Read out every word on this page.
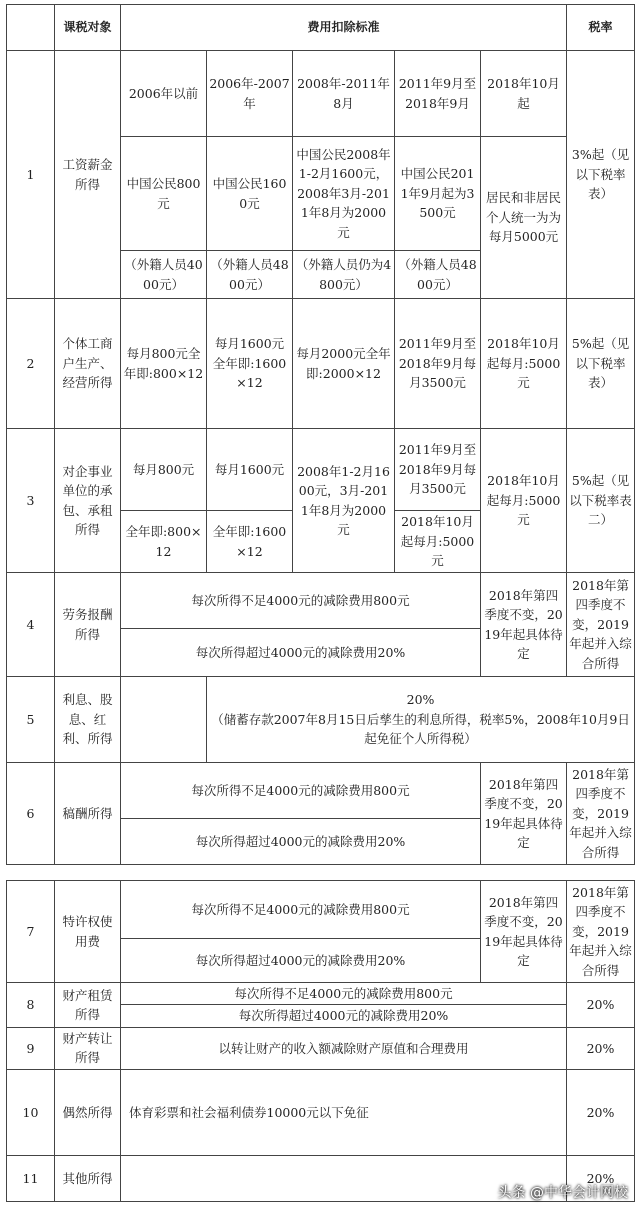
	课税对象	费用扣除标准					税率
1	工资薪金所得	2006年以前	2006年-2007年	2008年-2011年8月	2011年9月至2018年9月	2018年10月起	3%起（见以下税率表）
		中国公民800元	中国公民1600元	中国公民2008年1-2月1600元，2008年3月-2011年8月为2000元	中国公民2011年9月起为3500元	居民和非居民个人统一为为每月5000元	
		（外籍人员4000元）	（外籍人员4800元）	（外籍人员仍为4800元）	（外籍人员4800元）		
2	个体工商户生产、经营所得	每月800元全年即:800×12	每月1600元全年即:1600×12	每月2000元全年即:2000×12	2011年9月至2018年9月每月3500元	2018年10月起每月:5000元	5%起（见以下税率表）
3	对企事业单位的承包、承租所得	每月800元	每月1600元	2008年1-2月1600元，3月-2011年8月为2000元	2011年9月至2018年9月每月3500元	2018年10月起每月:5000元	5%起（见以下税率表二）
		全年即:800×12	全年即:1600×12		2018年10月起每月:5000元		
4	劳务报酬所得	每次所得不足4000元的减除费用800元				2018年第四季度不变，2019年起具体待定	2018年第四季度不变，2019年起并入综合所得
		每次所得超过4000元的减除费用20%					
5	利息、股息、红利、所得		20%
（储蓄存款2007年8月15日后孳生的利息所得，税率5%，2008年10月9日起免征个人所得税）				

6	稿酬所得	每次所得不足4000元的减除费用800元				2018年第四季度不变，2019年起具体待定	2018年第四季度不变，2019年起并入综合所得
		每次所得超过4000元的减除费用20%					
7	特许权使用费	每次所得不足4000元的减除费用800元	2018年第四季度不变，2019年起具体待定	2018年第四季度不变，2019年起并入综合所得
		每次所得超过4000元的减除费用20%		
8	财产租赁所得	每次所得不足4000元的减除费用800元		20%
		每次所得超过4000元的减除费用20%		
9	财产转让所得	以转让财产的收入额减除财产原值和合理费用		20%
10	偶然所得	体育彩票和社会福利债券10000元以下免征		20%
11	其他所得			20%
头条 @中华会计网校
